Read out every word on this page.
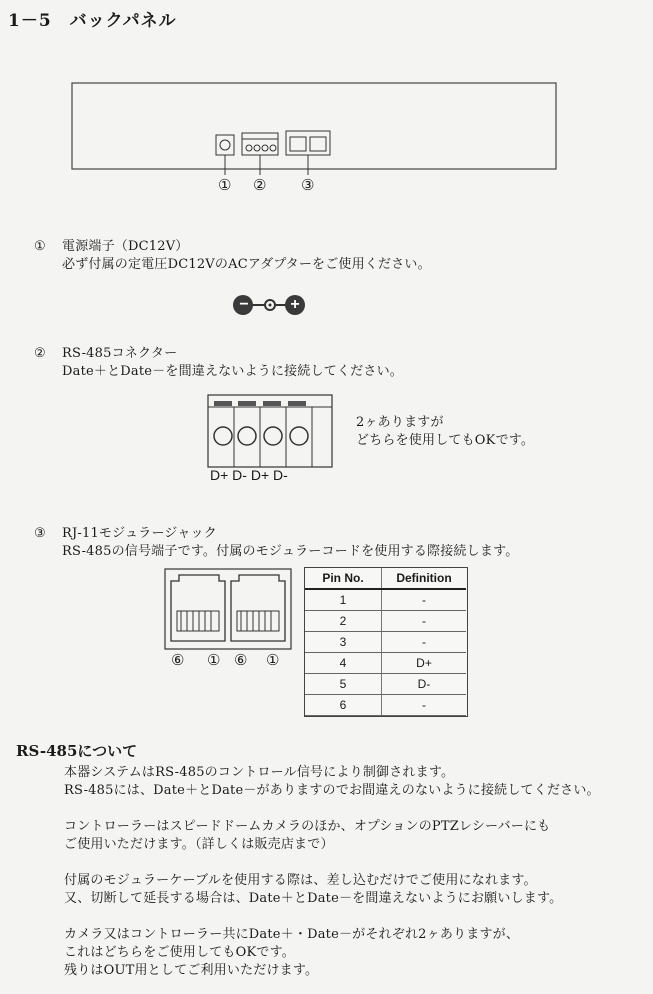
1－5　バックパネル
① ② ③
① 電源端子（DC12V）
必ず付属の定電圧DC12VのACアダプターをご使用ください。
−	+
② RS-485コネクター
Date＋とDate－を間違えないように接続してください。
D+ D- D+ D-
2ヶありますが
どちらを使用してもOKです。
③ RJ-11モジュラージャック
RS-485の信号端子です。付属のモジュラーコードを使用する際接続します。
⑥ ① ⑥ ①
Pin No.	Definition
1	-
2	-
3	-
4	D+
5	D-
6	-
RS-485について
本器システムはRS-485のコントロール信号により制御されます。
RS-485には、Date＋とDate－がありますのでお間違えのないように接続してください。
コントローラーはスピードドームカメラのほか、オプションのPTZレシーバーにも
ご使用いただけます。（詳しくは販売店まで）
付属のモジュラーケーブルを使用する際は、差し込むだけでご使用になれます。
又、切断して延長する場合は、Date＋とDate－を間違えないようにお願いします。
カメラ又はコントローラー共にDate＋・Date－がそれぞれ2ヶありますが、
これはどちらをご使用してもOKです。
残りはOUT用としてご利用いただけます。
